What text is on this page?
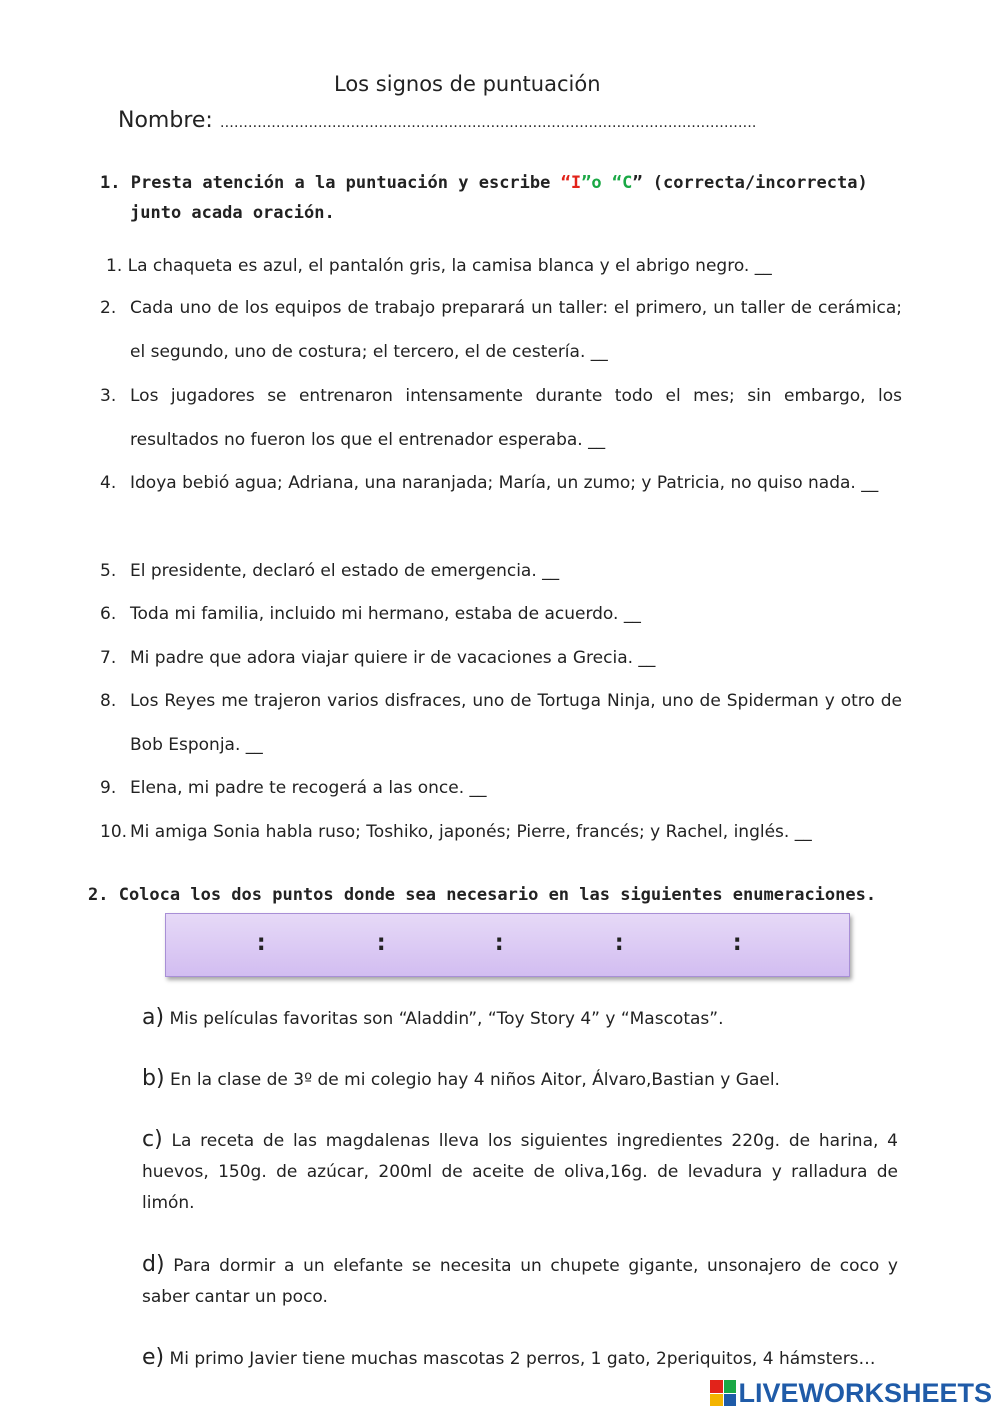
Los signos de puntuación
Nombre: …………………………………………………………………………………………………….
1. Presta atención a la puntuación y escribe “I”o “C” (correcta/incorrecta)
junto acada oración.
1. La chaqueta es azul, el pantalón gris, la camisa blanca y el abrigo negro. __
2. Cada uno de los equipos de trabajo preparará un taller: el primero, un taller de cerámica; el segundo, uno de costura; el tercero, el de cestería. __
3. Los jugadores se entrenaron intensamente durante todo el mes; sin embargo, los resultados no fueron los que el entrenador esperaba. __
4. Idoya bebió agua; Adriana, una naranjada; María, un zumo; y Patricia, no quiso nada. __
5. El presidente, declaró el estado de emergencia. __
6. Toda mi familia, incluido mi hermano, estaba de acuerdo. __
7. Mi padre que adora viajar quiere ir de vacaciones a Grecia. __
8. Los Reyes me trajeron varios disfraces, uno de Tortuga Ninja, uno de Spiderman y otro de Bob Esponja. __
9. Elena, mi padre te recogerá a las once. __
10. Mi amiga Sonia habla ruso; Toshiko, japonés; Pierre, francés; y Rachel, inglés. __
2. Coloca los dos puntos donde sea necesario en las siguientes enumeraciones.
:	:	:	:	:
a) Mis películas favoritas son “Aladdin”, “Toy Story 4” y “Mascotas”.
b) En la clase de 3º de mi colegio hay 4 niños Aitor, Álvaro,Bastian y Gael.
c) La receta de las magdalenas lleva los siguientes ingredientes 220g. de harina, 4 huevos, 150g. de azúcar, 200ml de aceite de oliva,16g. de levadura y ralladura de limón.
d) Para dormir a un elefante se necesita un chupete gigante, unsonajero de coco y saber cantar un poco.
e) Mi primo Javier tiene muchas mascotas 2 perros, 1 gato, 2periquitos, 4 hámsters…
LIVEWORKSHEETS
